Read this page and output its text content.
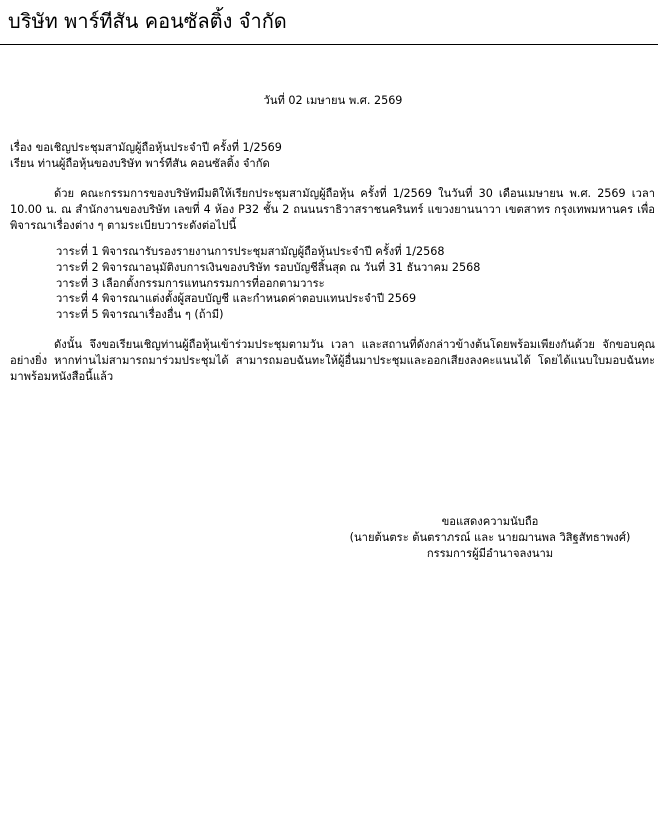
บริษัท พาร์ทีสัน คอนซัลติ้ง จำกัด
วันที่ 02 เมษายน พ.ศ. 2569
เรื่อง ขอเชิญประชุมสามัญผู้ถือหุ้นประจำปี ครั้งที่ 1/2569
เรียน ท่านผู้ถือหุ้นของบริษัท พาร์ทีสัน คอนซัลติ้ง จำกัด
ด้วย คณะกรรมการของบริษัทมีมติให้เรียกประชุมสามัญผู้ถือหุ้น ครั้งที่ 1/2569 ในวันที่ 30 เดือนเมษายน พ.ศ. 2569 เวลา 10.00 น. ณ สำนักงานของบริษัท เลขที่ 4 ห้อง P32 ชั้น 2 ถนนนราธิวาสราชนครินทร์ แขวงยานนาวา เขตสาทร กรุงเทพมหานคร เพื่อพิจารณาเรื่องต่าง ๆ ตามระเบียบวาระดังต่อไปนี้
วาระที่ 1 พิจารณารับรองรายงานการประชุมสามัญผู้ถือหุ้นประจำปี ครั้งที่ 1/2568
วาระที่ 2 พิจารณาอนุมัติงบการเงินของบริษัท รอบบัญชีสิ้นสุด ณ วันที่ 31 ธันวาคม 2568
วาระที่ 3 เลือกตั้งกรรมการแทนกรรมการที่ออกตามวาระ
วาระที่ 4 พิจารณาแต่งตั้งผู้สอบบัญชี และกำหนดค่าตอบแทนประจำปี 2569
วาระที่ 5 พิจารณาเรื่องอื่น ๆ (ถ้ามี)
ดังนั้น จึงขอเรียนเชิญท่านผู้ถือหุ้นเข้าร่วมประชุมตามวัน เวลา และสถานที่ดังกล่าวข้างต้นโดยพร้อมเพียงกันด้วย จักขอบคุณอย่างยิ่ง หากท่านไม่สามารถมาร่วมประชุมได้ สามารถมอบฉันทะให้ผู้อื่นมาประชุมและออกเสียงลงคะแนนได้ โดยได้แนบใบมอบฉันทะมาพร้อมหนังสือนี้แล้ว
ขอแสดงความนับถือ
(นายต้นตระ ต้นตราภรณ์ และ นายฌานพล วิสิฐสัทธาพงศ์)
กรรมการผู้มีอำนาจลงนาม
